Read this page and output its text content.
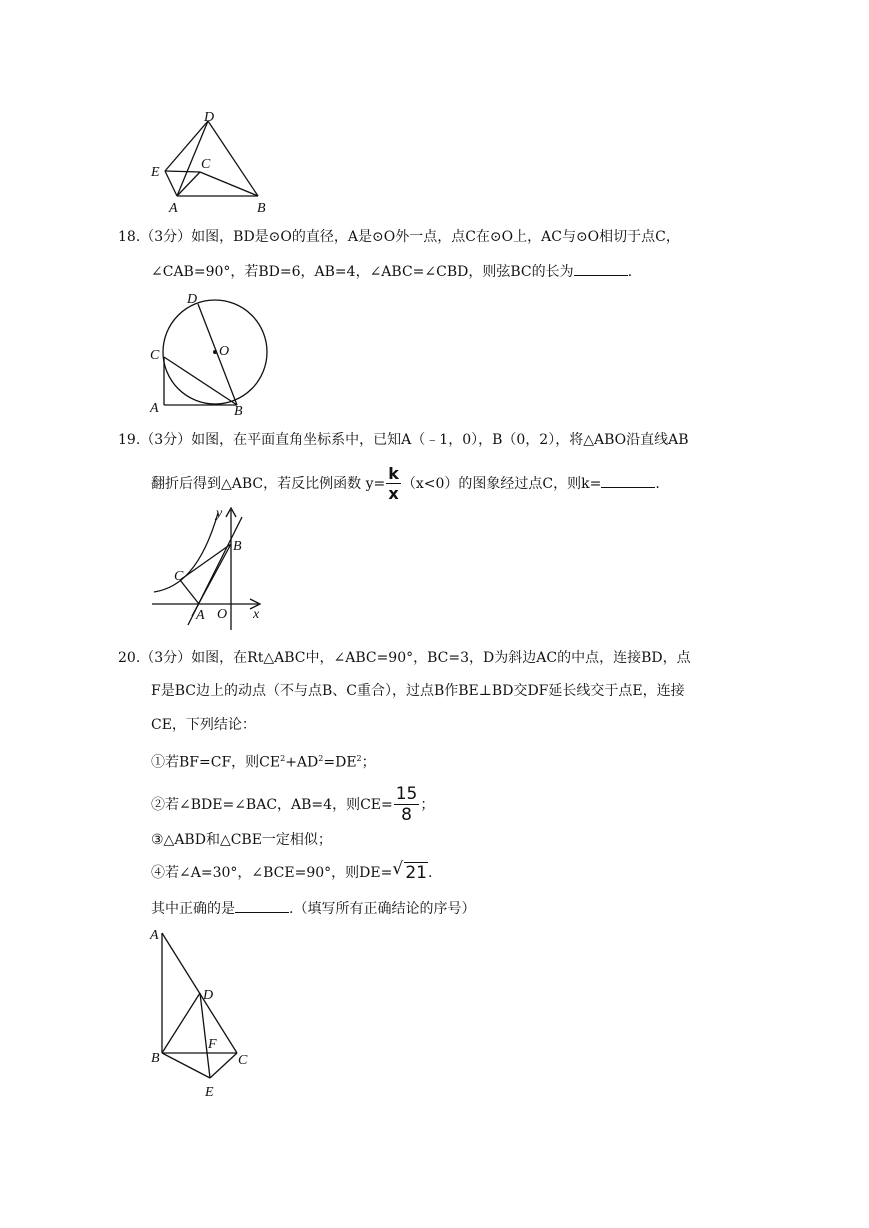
D
E
C
A	B
18.（3分）如图，BD是⊙O的直径，A是⊙O外一点，点C在⊙O上，AC与⊙O相切于点C，
∠CAB=90°，若BD=6，AB=4，∠ABC=∠CBD，则弦BC的长为	.
D
C	O
A	B
19.（3分）如图，在平面直角坐标系中，已知A（﹣1，0），B（0，2），将△ABO沿直线AB
翻折后得到△ABC，若反比例函数 $y= \frac{k}{x} (x<0)$的图象经过点C，则k=	.
y
B
C
A O x
20.（3分）如图，在Rt△ABC中，∠ABC=90°，BC=3，D为斜边AC的中点，连接BD，点
F是BC边上的动点（不与点B、C重合），过点B作BE⊥BD交DF延长线交于点E，连接
CE，下列结论：
①若BF=CF，则$CE^2+AD^2=DE^2$；
②若∠BDE=∠BAC，AB=4，则$CE= \frac{15}{8}$ ；
③△ABD和△CBE一定相似；
④若∠A=30°，∠BCE=90°，则DE= √ 21.
其中正确的是	.（填写所有正确结论的序号）
A
D
F
B	C
E
